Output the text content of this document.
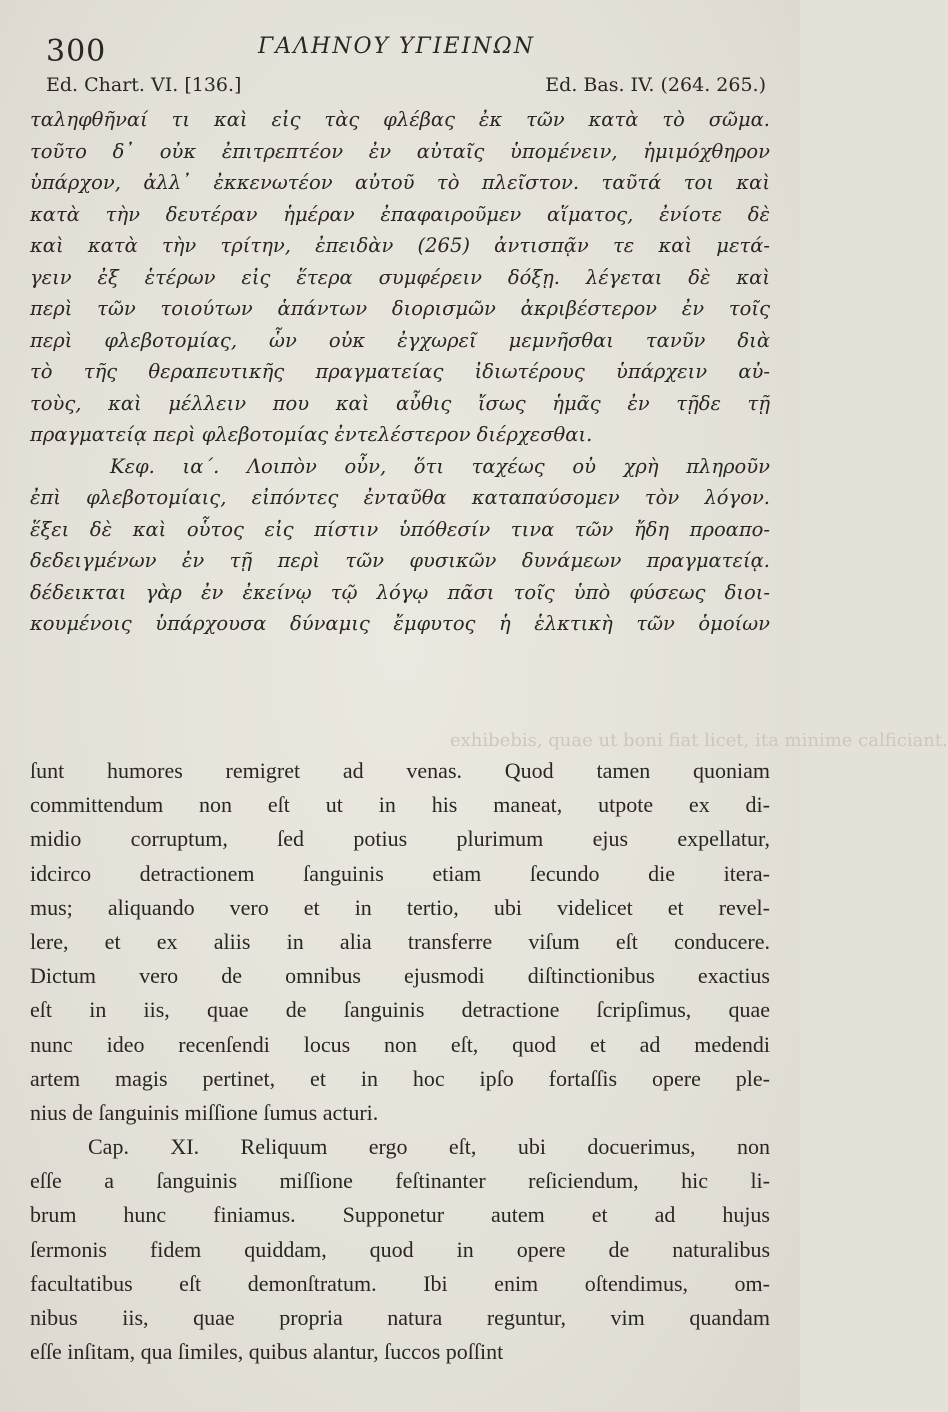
300	ΓΑΛΗΝΟΥ ΥΓΙΕΙΝΩΝ
Ed. Chart. VI. [136.]	Ed. Bas. IV. (264. 265.)
ταληφθῆναί τι καὶ εἰς τὰς φλέβας ἐκ τῶν κατὰ τὸ σῶμα.
τοῦτο δ᾽ οὐκ ἐπιτρεπτέον ἐν αὐταῖς ὑπομένειν, ἡμιμόχθηρον
ὑπάρχον, ἀλλ᾽ ἐκκενωτέον αὐτοῦ τὸ πλεῖστον. ταῦτά τοι καὶ
κατὰ τὴν δευτέραν ἡμέραν ἐπαφαιροῦμεν αἵματος, ἐνίοτε δὲ
καὶ κατὰ τὴν τρίτην, ἐπειδὰν (265) ἀντισπᾷν τε καὶ μετά-
γειν ἐξ ἑτέρων εἰς ἕτερα συμφέρειν δόξῃ. λέγεται δὲ καὶ
περὶ τῶν τοιούτων ἁπάντων διορισμῶν ἀκριβέστερον ἐν τοῖς
περὶ φλεβοτομίας, ὧν οὐκ ἐγχωρεῖ μεμνῆσθαι τανῦν διὰ
τὸ τῆς θεραπευτικῆς πραγματείας ἰδιωτέρους ὑπάρχειν αὐ-
τοὺς, καὶ μέλλειν που καὶ αὖθις ἴσως ἡμᾶς ἐν τῇδε τῇ
πραγματείᾳ περὶ φλεβοτομίας ἐντελέστερον διέρχεσθαι.
Κεφ. ια΄. Λοιπὸν οὖν, ὅτι ταχέως οὐ χρὴ πληροῦν
ἐπὶ φλεβοτομίαις, εἰπόντες ἐνταῦθα καταπαύσομεν τὸν λόγον.
ἕξει δὲ καὶ οὗτος εἰς πίστιν ὑπόθεσίν τινα τῶν ἤδη προαπο-
δεδειγμένων ἐν τῇ περὶ τῶν φυσικῶν δυνάμεων πραγματείᾳ.
δέδεικται γὰρ ἐν ἐκείνῳ τῷ λόγῳ πᾶσι τοῖς ὑπὸ φύσεως διοι-
κουμένοις ὑπάρχουσα δύναμις ἔμφυτος ἡ ἑλκτικὴ τῶν ὁμοίων
exhibebis, quae ut boni fiat licet, ita minime calficiant.
ſunt humores remigret ad venas. Quod tamen quoniam
committendum non eſt ut in his maneat, utpote ex di-
midio corruptum, ſed potius plurimum ejus expellatur,
idcirco detractionem ſanguinis etiam ſecundo die itera-
mus; aliquando vero et in tertio, ubi videlicet et revel-
lere, et ex aliis in alia transferre viſum eſt conducere.
Dictum vero de omnibus ejusmodi diſtinctionibus exactius
eſt in iis, quae de ſanguinis detractione ſcripſimus, quae
nunc ideo recenſendi locus non eſt, quod et ad medendi
artem magis pertinet, et in hoc ipſo fortaſſis opere ple-
nius de ſanguinis miſſione ſumus acturi.
Cap. XI. Reliquum ergo eſt, ubi docuerimus, non
eſſe a ſanguinis miſſione feſtinanter reſiciendum, hic li-
brum hunc finiamus. Supponetur autem et ad hujus
ſermonis fidem quiddam, quod in opere de naturalibus
facultatibus eſt demonſtratum. Ibi enim oſtendimus, om-
nibus iis, quae propria natura reguntur, vim quandam
eſſe inſitam, qua ſimiles, quibus alantur, ſuccos poſſint
